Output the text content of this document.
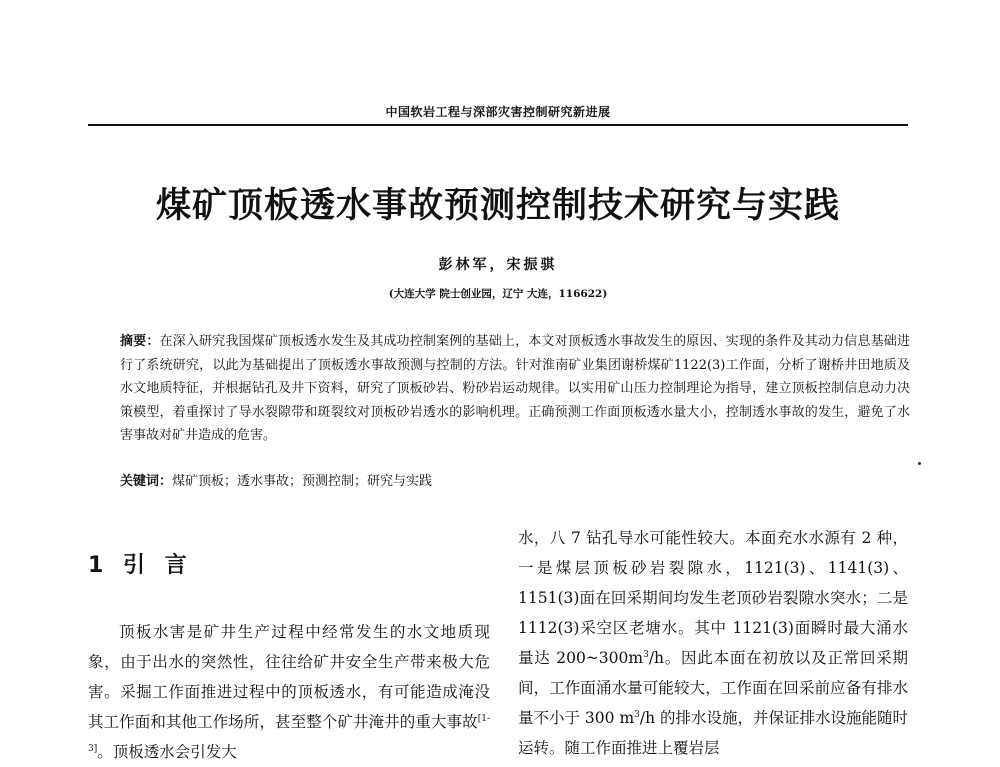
中国软岩工程与深部灾害控制研究新进展
煤矿顶板透水事故预测控制技术研究与实践
彭林军，宋振骐
(大连大学 院士创业园，辽宁 大连，116622)

摘要：在深入研究我国煤矿顶板透水发生及其成功控制案例的基础上，本文对顶板透水事故发生的原因、实现的条件及其动力信息基础进行了系统研究，以此为基础提出了顶板透水事故预测与控制的方法。针对淮南矿业集团谢桥煤矿1122(3)工作面，分析了谢桥井田地质及水文地质特征，并根据钻孔及井下资料，研究了顶板砂岩、粉砂岩运动规律。以实用矿山压力控制理论为指导，建立顶板控制信息动力决策模型，着重探讨了导水裂隙带和斑裂纹对顶板砂岩透水的影响机理。正确预测工作面顶板透水量大小，控制透水事故的发生，避免了水害事故对矿井造成的危害。

关键词：煤矿顶板；透水事故；预测控制；研究与实践

1 引 言

顶板水害是矿井生产过程中经常发生的水文地质现象，由于出水的突然性，往往给矿井安全生产带来极大危害。采掘工作面推进过程中的顶板透水，有可能造成淹没其工作面和其他工作场所，甚至整个矿井淹井的重大事故[1-3]。顶板透水会引发大

水，八 7 钻孔导水可能性较大。本面充水水源有 2 种，一是煤层顶板砂岩裂隙水，1121(3)、1141(3)、1151(3)面在回采期间均发生老顶砂岩裂隙水突水；二是 1112(3)采空区老塘水。其中 1121(3)面瞬时最大涌水量达 $200\sim 300m^3/h$。因此本面在初放以及正常回采期间，工作面涌水量可能较大，工作面在回采前应备有排水量不小于 300 $m^3/h$ 的排水设施，并保证排水设施能随时运转。随工作面推进上覆岩层
